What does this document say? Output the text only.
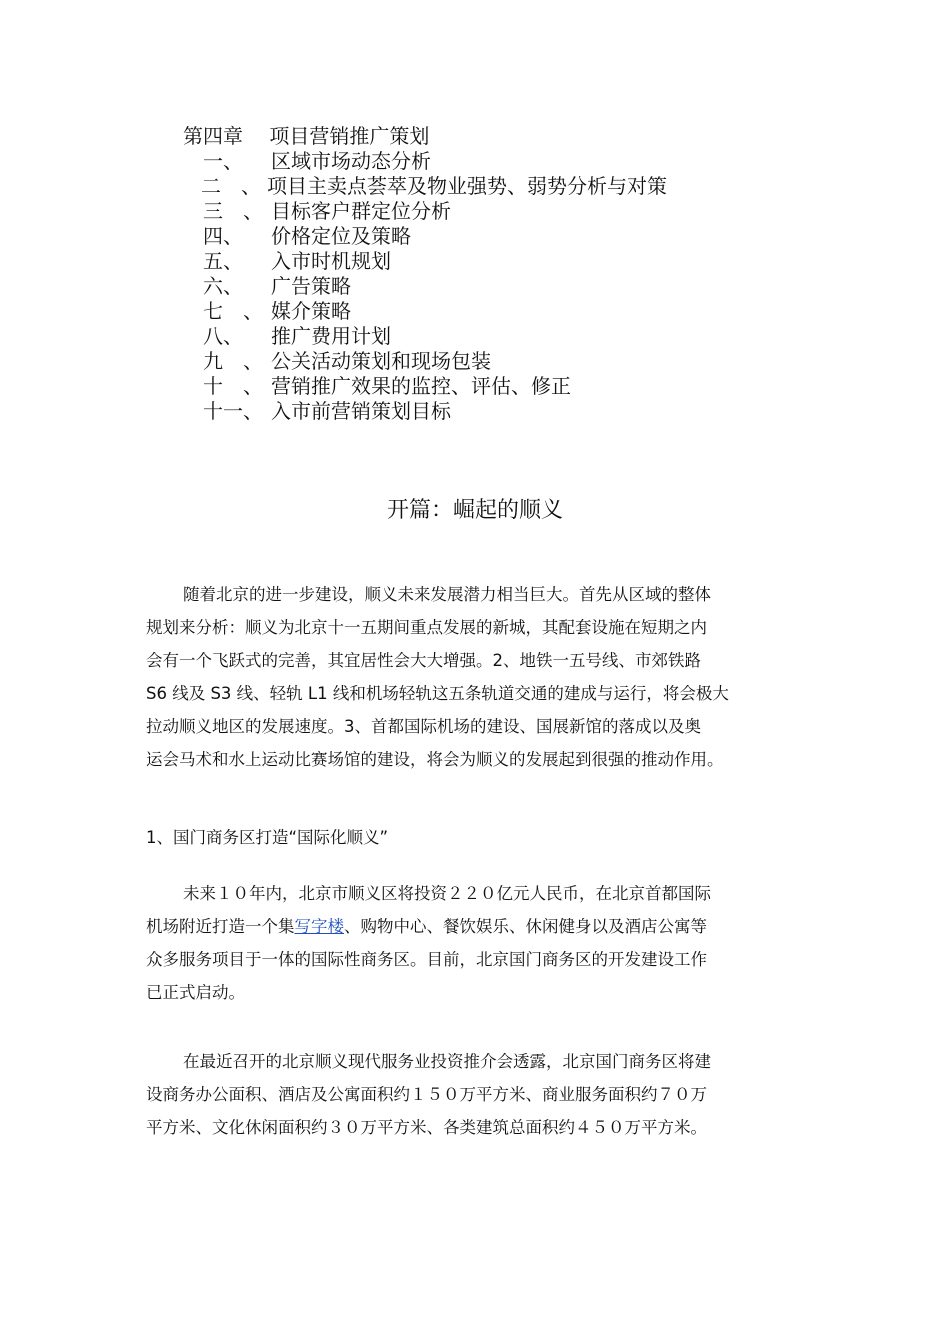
第四章　 项目营销推广策划
一、 区域市场动态分析
二　、 项目主卖点荟萃及物业强势、弱势分析与对策
三　、 目标客户群定位分析
四、 价格定位及策略
五、 入市时机规划
六、 广告策略
七　、 媒介策略
八、 推广费用计划
九　、 公关活动策划和现场包装
十　、 营销推广效果的监控、评估、修正
十一、 入市前营销策划目标
开篇：崛起的顺义
随着北京的进一步建设，顺义未来发展潜力相当巨大。首先从区域的整体
规划来分析：顺义为北京十一五期间重点发展的新城，其配套设施在短期之内
会有一个飞跃式的完善，其宜居性会大大增强。2、地铁一五号线、市郊铁路
S6 线及 S3 线、轻轨 L1 线和机场轻轨这五条轨道交通的建成与运行，将会极大
拉动顺义地区的发展速度。3、首都国际机场的建设、国展新馆的落成以及奥
运会马术和水上运动比赛场馆的建设，将会为顺义的发展起到很强的推动作用。
1、国门商务区打造“国际化顺义”
未来１０年内，北京市顺义区将投资２２０亿元人民币，在北京首都国际
机场附近打造一个集写字楼、购物中心、餐饮娱乐、休闲健身以及酒店公寓等
众多服务项目于一体的国际性商务区。目前，北京国门商务区的开发建设工作
已正式启动。
在最近召开的北京顺义现代服务业投资推介会透露，北京国门商务区将建
设商务办公面积、酒店及公寓面积约１５０万平方米、商业服务面积约７０万
平方米、文化休闲面积约３０万平方米、各类建筑总面积约４５０万平方米。
